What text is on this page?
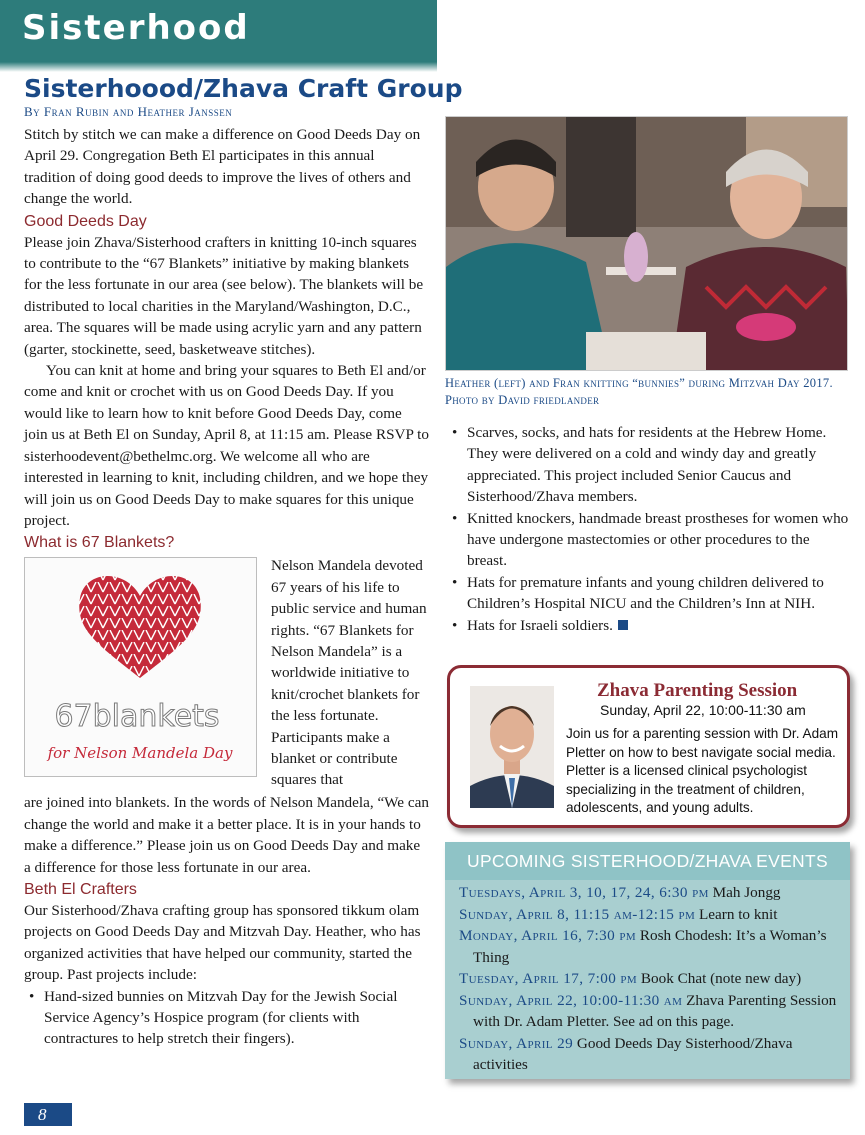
Sisterhood
Sisterhoood/Zhava Craft Group
By Fran Rubin and Heather Janssen

Stitch by stitch we can make a difference on Good Deeds Day on April 29. Congregation Beth El participates in this annual tradition of doing good deeds to improve the lives of others and change the world.

Good Deeds Day

Please join Zhava/Sisterhood crafters in knitting 10-inch squares to contribute to the “67 Blankets” initiative by making blankets for the less fortunate in our area (see below). The blankets will be distributed to local charities in the Maryland/Washington, D.C., area. The squares will be made using acrylic yarn and any pattern (garter, stockinette, seed, basketweave stitches).

You can knit at home and bring your squares to Beth El and/or come and knit or crochet with us on Good Deeds Day. If you would like to learn how to knit before Good Deeds Day, come join us at Beth El on Sunday, April 8, at 11:15 am. Please RSVP to sisterhoodevent@bethelmc.org. We welcome all who are interested in learning to knit, including children, and we hope they will join us on Good Deeds Day to make squares for this unique project.

What is 67 Blankets?
67blankets
for Nelson Mandela Day
Nelson Mandela devoted 67 years of his life to public service and human rights. “67 Blankets for Nelson Mandela” is a worldwide initiative to knit/crochet blankets for the less fortunate. Participants make a blanket or contribute squares that

are joined into blankets. In the words of Nelson Mandela, “We can change the world and make it a better place. It is in your hands to make a difference.” Please join us on Good Deeds Day and make a difference for those less fortunate in our area.

Beth El Crafters

Our Sisterhood/Zhava crafting group has sponsored tikkum olam projects on Good Deeds Day and Mitzvah Day. Heather, who has organized activities that have helped our community, started the group. Past projects include:

• Hand-sized bunnies on Mitzvah Day for the Jewish Social Service Agency’s Hospice program (for clients with contractures to help stretch their fingers).
Heather (left) and Fran knitting “bunnies” during Mitzvah Day 2017. Photo by David friedlander
• Scarves, socks, and hats for residents at the Hebrew Home. They were delivered on a cold and windy day and greatly appreciated. This project included Senior Caucus and Sisterhood/Zhava members.
• Knitted knockers, handmade breast prostheses for women who have undergone mastectomies or other procedures to the breast.
• Hats for premature infants and young children delivered to Children’s Hospital NICU and the Children’s Inn at NIH.
• Hats for Israeli soldiers.
Zhava Parenting Session
Sunday, April 22, 10:00-11:30 am
Join us for a parenting session with Dr. Adam Pletter on how to best navigate social media. Pletter is a licensed clinical psychologist specializing in the treatment of children, adolescents, and young adults.
UPCOMING SISTERHOOD/ZHAVA EVENTS
Tuesdays, April 3, 10, 17, 24, 6:30 pm Mah Jongg
Sunday, April 8, 11:15 am-12:15 pm Learn to knit
Monday, April 16, 7:30 pm Rosh Chodesh: It’s a Woman’s Thing
Tuesday, April 17, 7:00 pm Book Chat (note new day)
Sunday, April 22, 10:00-11:30 am Zhava Parenting Session with Dr. Adam Pletter. See ad on this page.
Sunday, April 29 Good Deeds Day Sisterhood/Zhava activities
8
